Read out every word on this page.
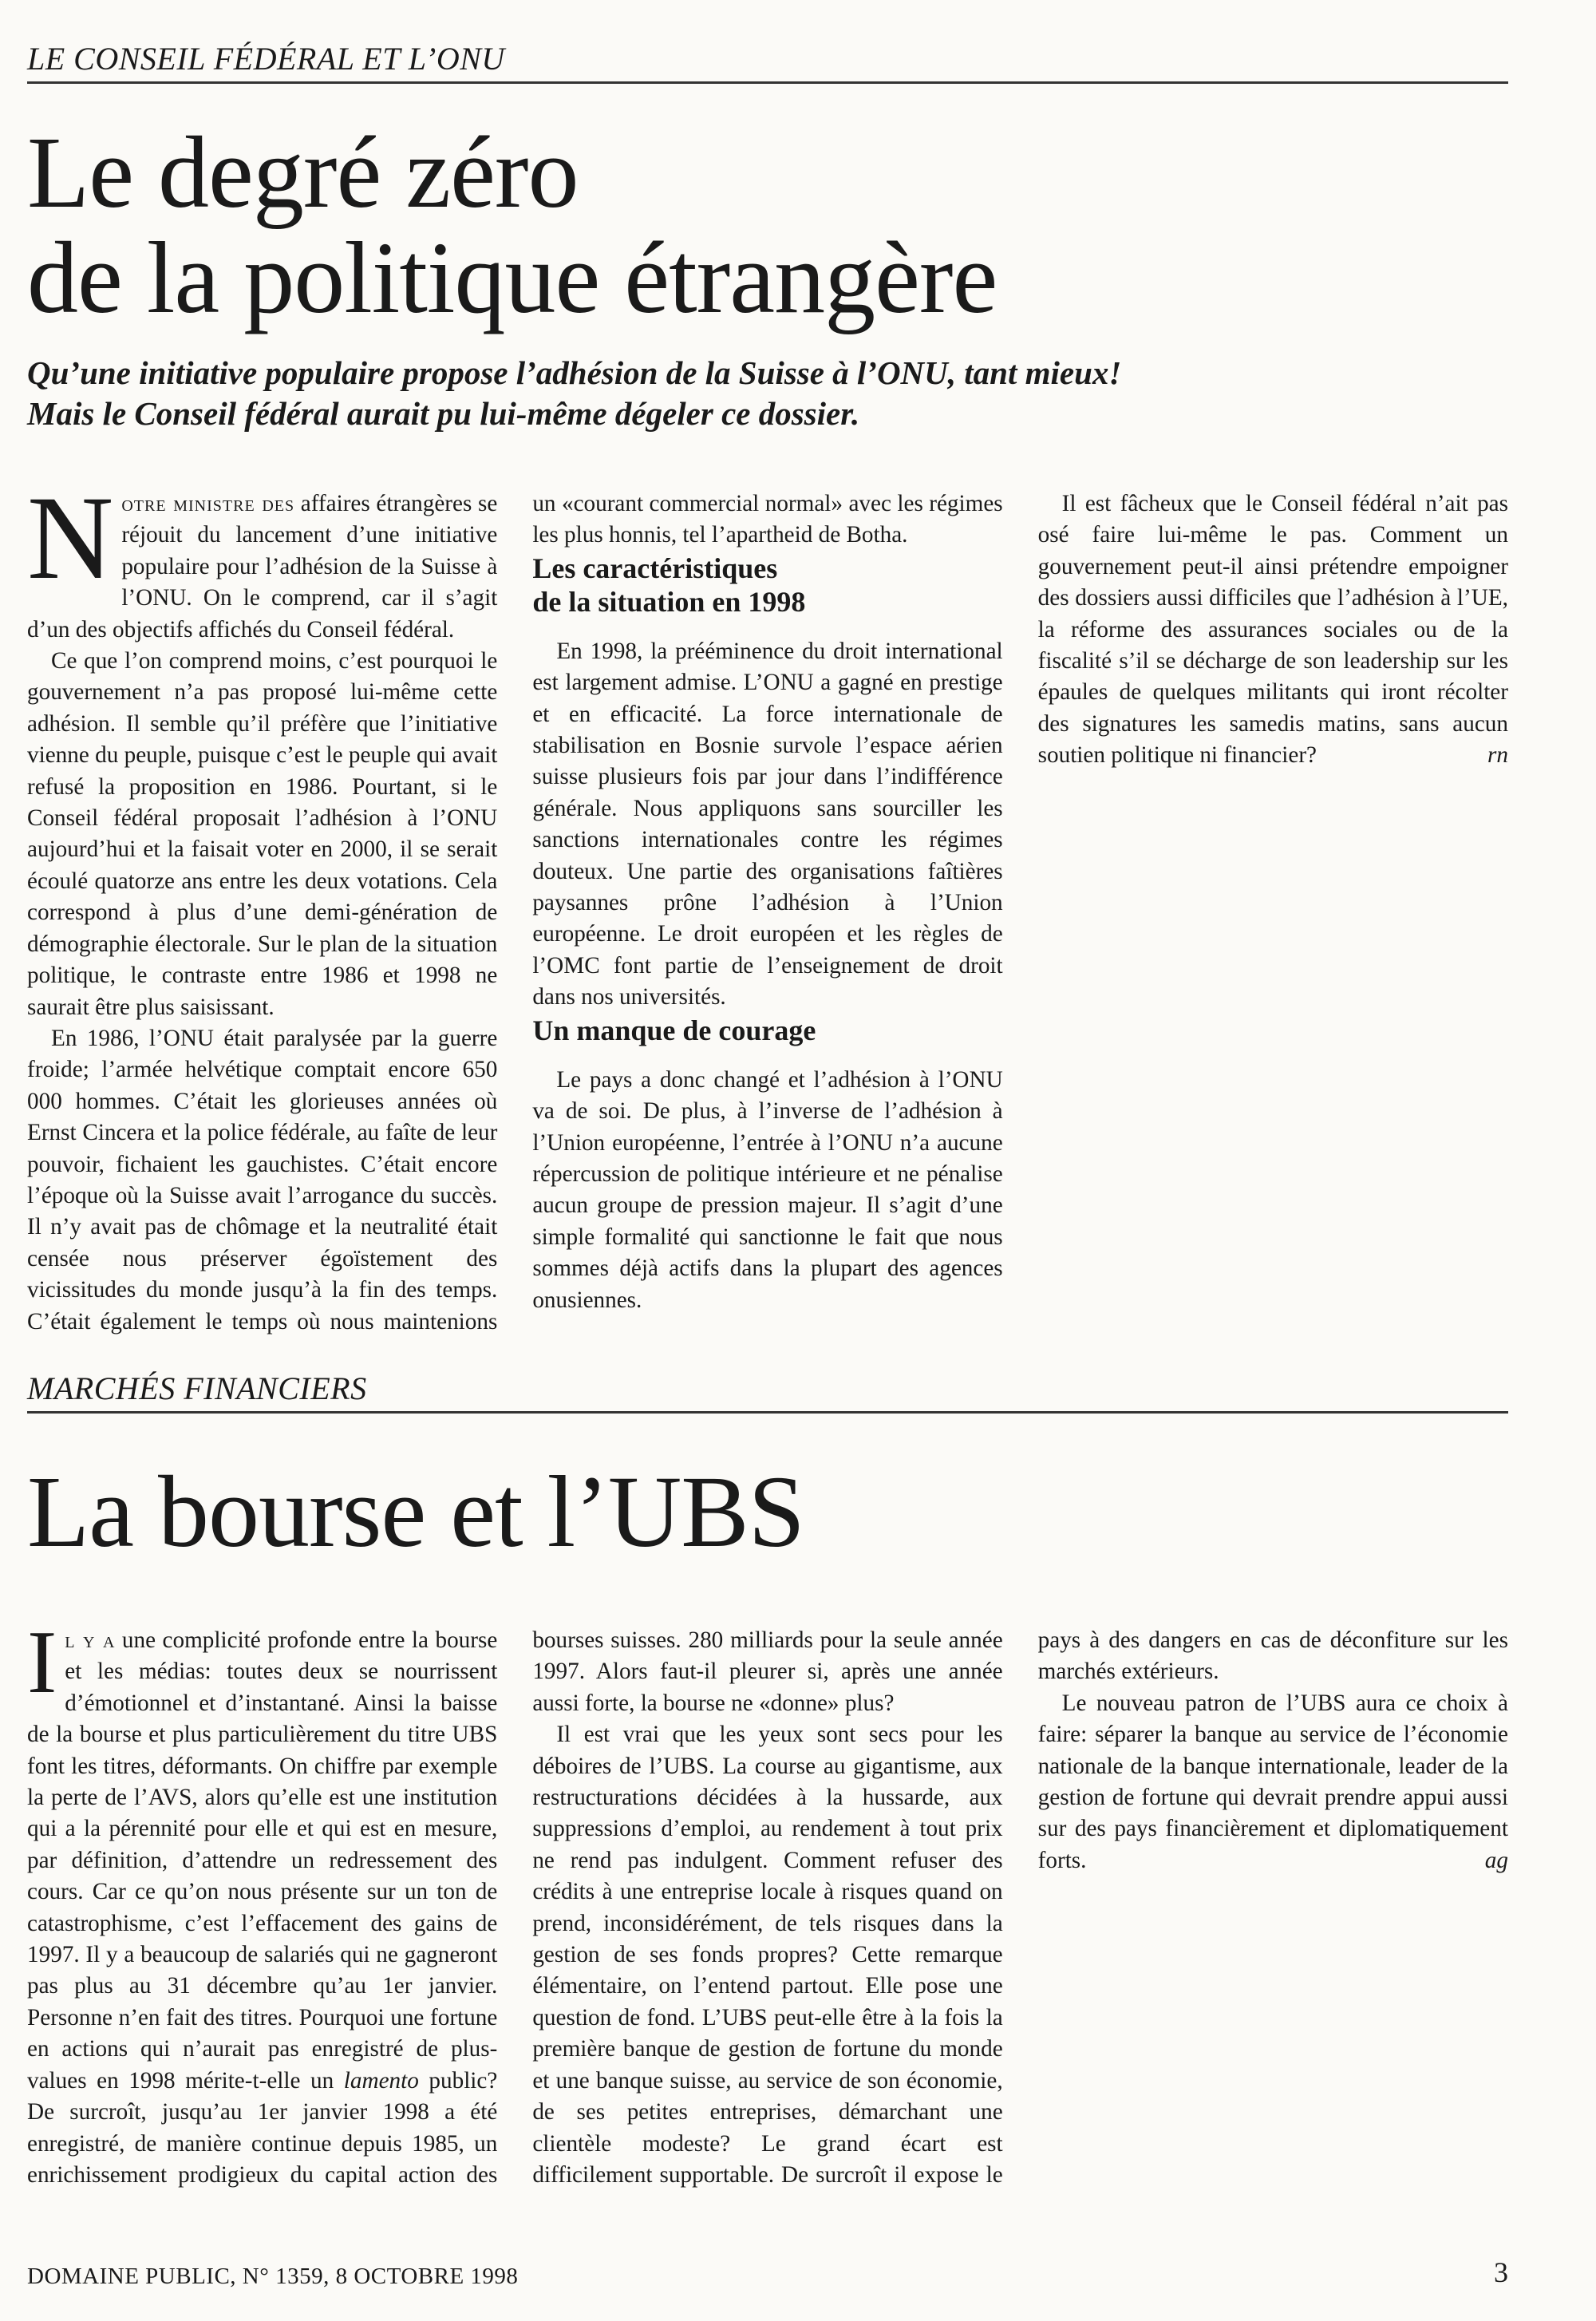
LE CONSEIL FÉDÉRAL ET L’ONU
Le degré zéro
de la politique étrangère
Qu’une initiative populaire propose l’adhésion de la Suisse à l’ONU, tant mieux! Mais le Conseil fédéral aurait pu lui-même dégeler ce dossier.

Notre ministre des affaires étrangères se réjouit du lancement d’une initiative populaire pour l’adhésion de la Suisse à l’ONU. On le comprend, car il s’agit d’un des objectifs affichés du Conseil fédéral.

Ce que l’on comprend moins, c’est pourquoi le gouvernement n’a pas proposé lui-même cette adhésion. Il semble qu’il préfère que l’initiative vienne du peuple, puisque c’est le peuple qui avait refusé la proposition en 1986. Pourtant, si le Conseil fédéral proposait l’adhésion à l’ONU aujourd’hui et la faisait voter en 2000, il se serait écoulé quatorze ans entre les deux votations. Cela correspond à plus d’une demi-génération de démographie électorale. Sur le plan de la situation politique, le contraste entre 1986 et 1998 ne saurait être plus saisissant.

En 1986, l’ONU était paralysée par la guerre froide; l’armée helvétique comptait encore 650 000 hommes. C’était les glorieuses années où Ernst Cincera et la police fédérale, au faîte de leur pouvoir, fichaient les gauchistes. C’était encore l’époque où la Suisse avait l’arrogance du succès. Il n’y avait pas de chômage et la neutralité était censée nous préserver égoïstement des vicissitudes du monde jusqu’à la fin des temps. C’était également le temps où nous maintenions un «courant commercial normal» avec les régimes les plus honnis, tel l’apartheid de Botha.

Les caractéristiques
de la situation en 1998

En 1998, la prééminence du droit international est largement admise. L’ONU a gagné en prestige et en efficacité. La force internationale de stabilisation en Bosnie survole l’espace aérien suisse plusieurs fois par jour dans l’indifférence générale. Nous appliquons sans sourciller les sanctions internationales contre les régimes douteux. Une partie des organisations faîtières paysannes prône l’adhésion à l’Union européenne. Le droit européen et les règles de l’OMC font partie de l’enseignement de droit dans nos universités.

Un manque de courage

Le pays a donc changé et l’adhésion à l’ONU va de soi. De plus, à l’inverse de l’adhésion à l’Union européenne, l’entrée à l’ONU n’a aucune répercussion de politique intérieure et ne pénalise aucun groupe de pression majeur. Il s’agit d’une simple formalité qui sanctionne le fait que nous sommes déjà actifs dans la plupart des agences onusiennes.

Il est fâcheux que le Conseil fédéral n’ait pas osé faire lui-même le pas. Comment un gouvernement peut-il ainsi prétendre empoigner des dossiers aussi difficiles que l’adhésion à l’UE, la réforme des assurances sociales ou de la fiscalité s’il se décharge de son leadership sur les épaules de quelques militants qui iront récolter des signatures les samedis matins, sans aucun soutien politique ni financier?	rn

MARCHÉS FINANCIERS
La bourse et l’UBS

Il y a une complicité profonde entre la bourse et les médias: toutes deux se nourrissent d’émotionnel et d’instantané. Ainsi la baisse de la bourse et plus particulièrement du titre UBS font les titres, déformants. On chiffre par exemple la perte de l’AVS, alors qu’elle est une institution qui a la pérennité pour elle et qui est en mesure, par définition, d’attendre un redressement des cours. Car ce qu’on nous présente sur un ton de catastrophisme, c’est l’effacement des gains de 1997. Il y a beaucoup de salariés qui ne gagneront pas plus au 31 décembre qu’au 1er janvier. Personne n’en fait des titres. Pourquoi une fortune en actions qui n’aurait pas enregistré de plus-values en 1998 mérite-t-elle un lamento public? De surcroît, jusqu’au 1er janvier 1998 a été enregistré, de manière continue depuis 1985, un enrichissement prodigieux du capital action des bourses suisses. 280 milliards pour la seule année 1997. Alors faut-il pleurer si, après une année aussi forte, la bourse ne «donne» plus?

Il est vrai que les yeux sont secs pour les déboires de l’UBS. La course au gigantisme, aux restructurations décidées à la hussarde, aux suppressions d’emploi, au rendement à tout prix ne rend pas indulgent. Comment refuser des crédits à une entreprise locale à risques quand on prend, inconsidérément, de tels risques dans la gestion de ses fonds propres? Cette remarque élémentaire, on l’entend partout. Elle pose une question de fond. L’UBS peut-elle être à la fois la première banque de gestion de fortune du monde et une banque suisse, au service de son économie, de ses petites entreprises, démarchant une clientèle modeste? Le grand écart est difficilement supportable. De surcroît il expose le pays à des dangers en cas de déconfiture sur les marchés extérieurs.

Le nouveau patron de l’UBS aura ce choix à faire: séparer la banque au service de l’économie nationale de la banque internationale, leader de la gestion de fortune qui devrait prendre appui aussi sur des pays financièrement et diplomatiquement forts.	ag

DOMAINE PUBLIC, N° 1359, 8 OCTOBRE 1998	3
